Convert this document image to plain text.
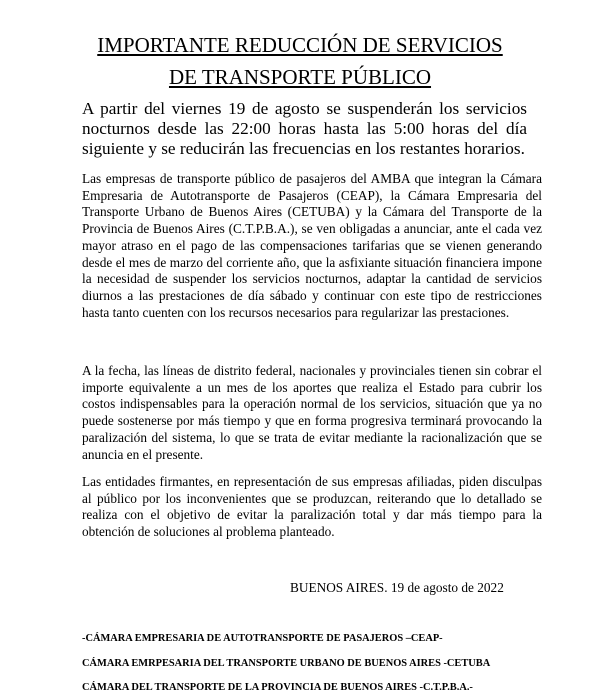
IMPORTANTE REDUCCIÓN DE SERVICIOS
DE TRANSPORTE PÚBLICO
A partir del viernes 19 de agosto se suspenderán los servicios nocturnos desde las 22:00 horas hasta las 5:00 horas del día siguiente y se reducirán las frecuencias en los restantes horarios.
Las empresas de transporte público de pasajeros del AMBA que integran la Cámara Empresaria de Autotransporte de Pasajeros (CEAP), la Cámara Empresaria del Transporte Urbano de Buenos Aires (CETUBA) y la Cámara del Transporte de la Provincia de Buenos Aires (C.T.P.B.A.), se ven obligadas a anunciar, ante el cada vez mayor atraso en el pago de las compensaciones tarifarias que se vienen generando desde el mes de marzo del corriente año, que la asfixiante situación financiera impone la necesidad de suspender los servicios nocturnos, adaptar la cantidad de servicios diurnos a las prestaciones de día sábado y continuar con este tipo de restricciones hasta tanto cuenten con los recursos necesarios para regularizar las prestaciones.
A la fecha, las líneas de distrito federal, nacionales y provinciales tienen sin cobrar el importe equivalente a un mes de los aportes que realiza el Estado para cubrir los costos indispensables para la operación normal de los servicios, situación que ya no puede sostenerse por más tiempo y que en forma progresiva terminará provocando la paralización del sistema, lo que se trata de evitar mediante la racionalización que se anuncia en el presente.
Las entidades firmantes, en representación de sus empresas afiliadas, piden disculpas al público por los inconvenientes que se produzcan, reiterando que lo detallado se realiza con el objetivo de evitar la paralización total y dar más tiempo para la obtención de soluciones al problema planteado.
BUENOS AIRES. 19 de agosto de 2022
-CÁMARA EMPRESARIA DE AUTOTRANSPORTE DE PASAJEROS –CEAP-
CÁMARA EMRPESARIA DEL TRANSPORTE URBANO DE BUENOS AIRES -CETUBA
CÁMARA DEL TRANSPORTE DE LA PROVINCIA DE BUENOS AIRES -C.T.P.B.A.-
